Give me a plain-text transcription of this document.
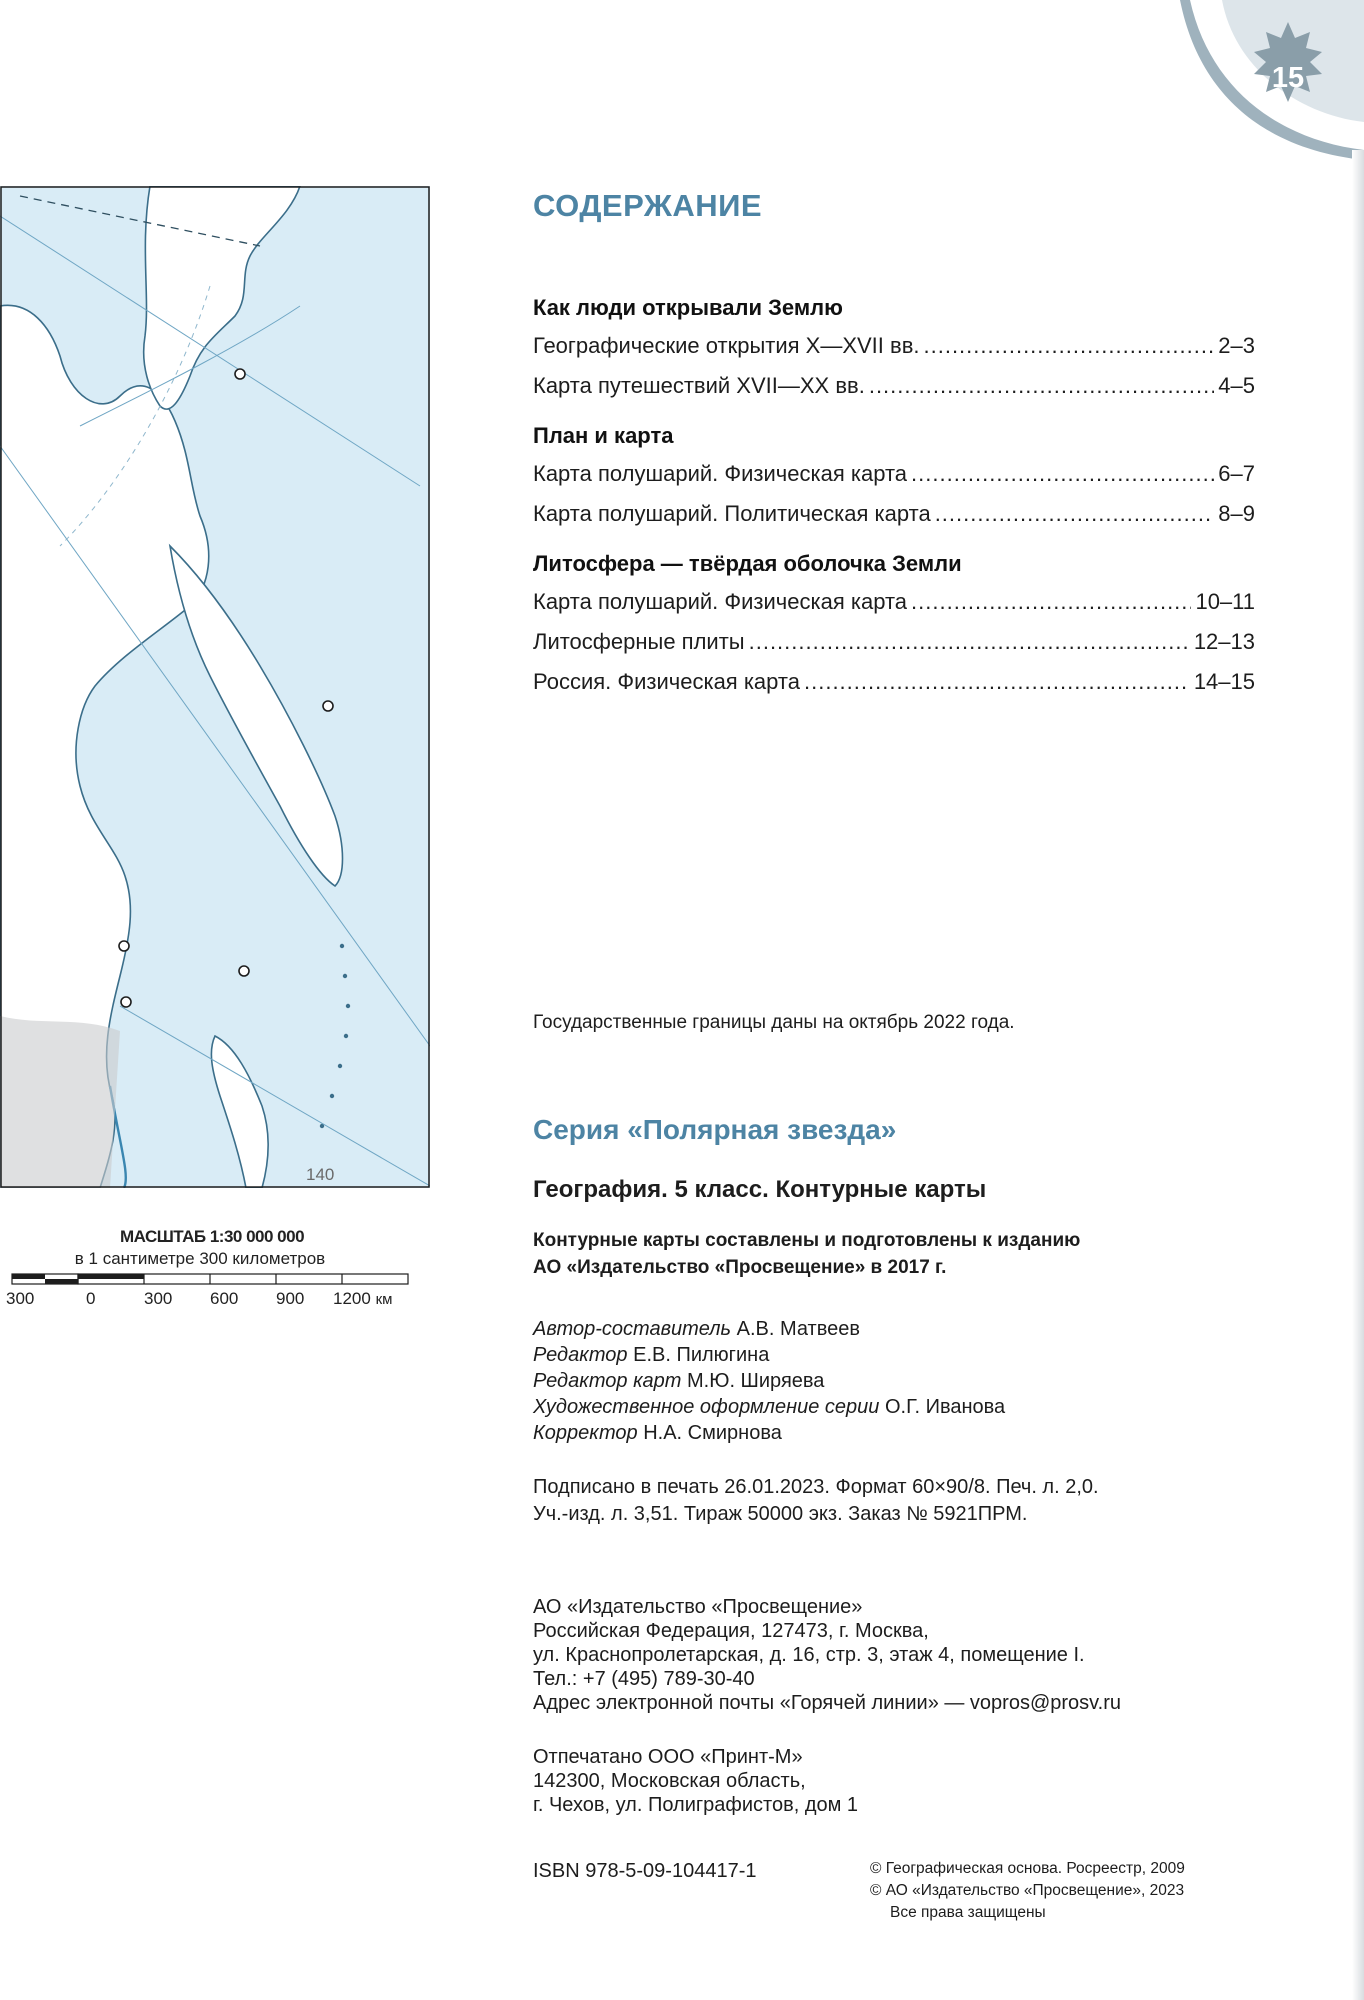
15
140
МАСШТАБ 1:30 000 000
в 1 сантиметре 300 километров
300	0	300 600 900 1200 км
СОДЕРЖАНИЕ
Как люди открывали Землю
Географические открытия X—XVII вв. .....	2–3
Карта путешествий XVII—XX вв. .....	4–5
План и карта
Карта полушарий. Физическая карта .....	6–7
Карта полушарий. Политическая карта .....	8–9
Литосфера — твёрдая оболочка Земли
Карта полушарий. Физическая карта .....	10–11
Литосферные плиты .....	12–13
Россия. Физическая карта .....	14–15
Государственные границы даны на октябрь 2022 года.
Серия «Полярная звезда»
География. 5 класс. Контурные карты
Контурные карты составлены и подготовлены к изданию
АО «Издательство «Просвещение» в 2017 г.
Автор-составитель А.В. Матвеев
Редактор Е.В. Пилюгина
Редактор карт М.Ю. Ширяева
Художественное оформление серии О.Г. Иванова
Корректор Н.А. Смирнова
Подписано в печать 26.01.2023. Формат 60×90/8. Печ. л. 2,0.
Уч.-изд. л. 3,51. Тираж 50000 экз. Заказ № 5921ПРМ.
АО «Издательство «Просвещение»
Российская Федерация, 127473, г. Москва,
ул. Краснопролетарская, д. 16, стр. 3, этаж 4, помещение I.
Тел.: +7 (495) 789-30-40
Адрес электронной почты «Горячей линии» — vopros@prosv.ru
Отпечатано ООО «Принт-М»
142300, Московская область,
г. Чехов, ул. Полиграфистов, дом 1
ISBN 978-5-09-104417-1	© Географическая основа. Росреестр, 2009
© АО «Издательство «Просвещение», 2023
Все права защищены
